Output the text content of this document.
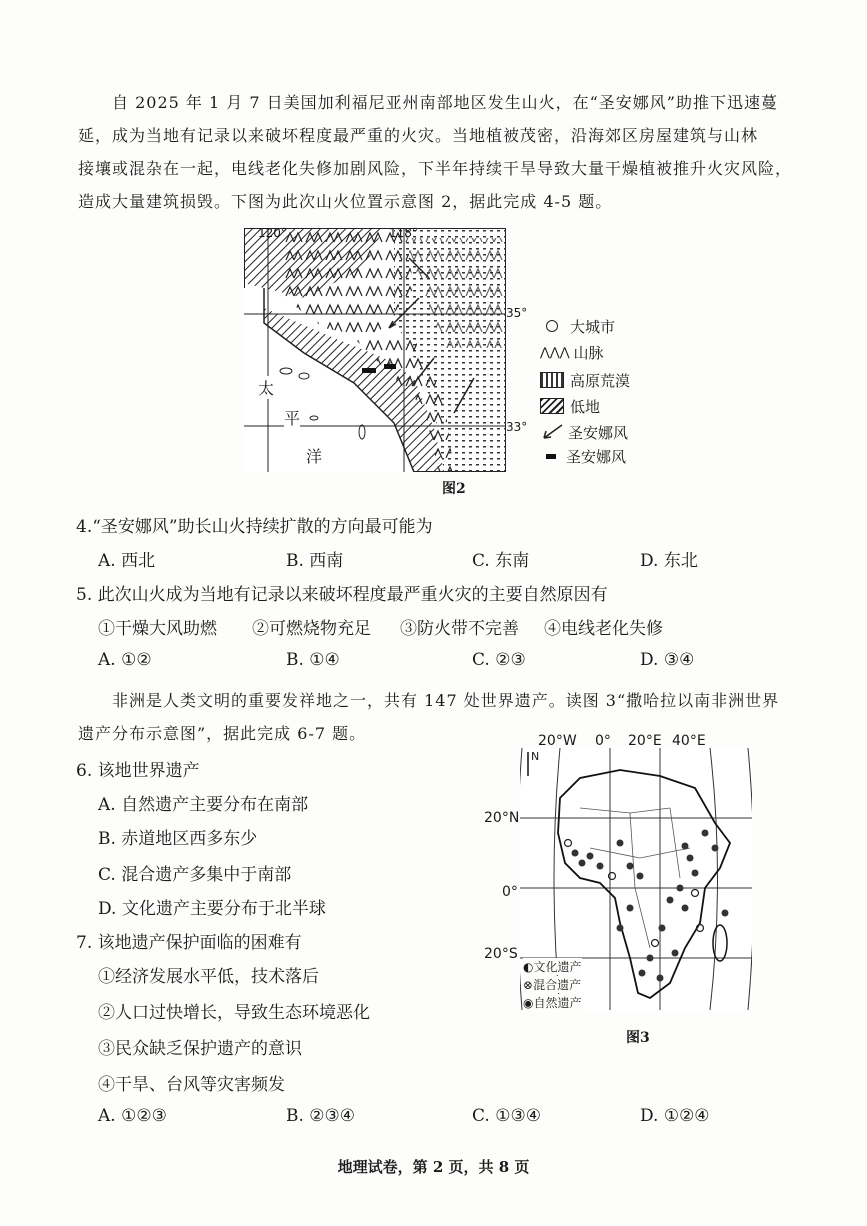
自 2025 年 1 月 7 日美国加利福尼亚州南部地区发生山火，在“圣安娜风”助推下迅速蔓
延，成为当地有记录以来破坏程度最严重的火灾。当地植被茂密，沿海郊区房屋建筑与山林
接壤或混杂在一起，电线老化失修加剧风险，下半年持续干旱导致大量干燥植被推升火灾风险，
造成大量建筑损毁。下图为此次山火位置示意图 2，据此完成 4-5 题。
120°	118°
35°
33°
太
平
洋
大城市
⋀⋀⋀ 山脉
高原荒漠
低地
圣安娜风
圣安娜风
图2
4.“圣安娜风”助长山火持续扩散的方向最可能为
A. 西北	B. 西南	C. 东南	D. 东北
5. 此次山火成为当地有记录以来破坏程度最严重火灾的主要自然原因有
①干燥大风助燃 ②可燃烧物充足 ③防火带不完善 ④电线老化失修
A. ①②	B. ①④	C. ②③	D. ③④
非洲是人类文明的重要发祥地之一，共有 147 处世界遗产。读图 3“撒哈拉以南非洲世界
遗产分布示意图”，据此完成 6-7 题。
N
20°W 0° 20°E 40°E
20°N
0°
20°S
◐文化遗产
⊗混合遗产
◉自然遗产
图3
6. 该地世界遗产
A. 自然遗产主要分布在南部
B. 赤道地区西多东少
C. 混合遗产多集中于南部
D. 文化遗产主要分布于北半球
7. 该地遗产保护面临的困难有
①经济发展水平低，技术落后
②人口过快增长，导致生态环境恶化
③民众缺乏保护遗产的意识
④干旱、台风等灾害频发
A. ①②③	B. ②③④	C. ①③④	D. ①②④
地理试卷，第 2 页，共 8 页
